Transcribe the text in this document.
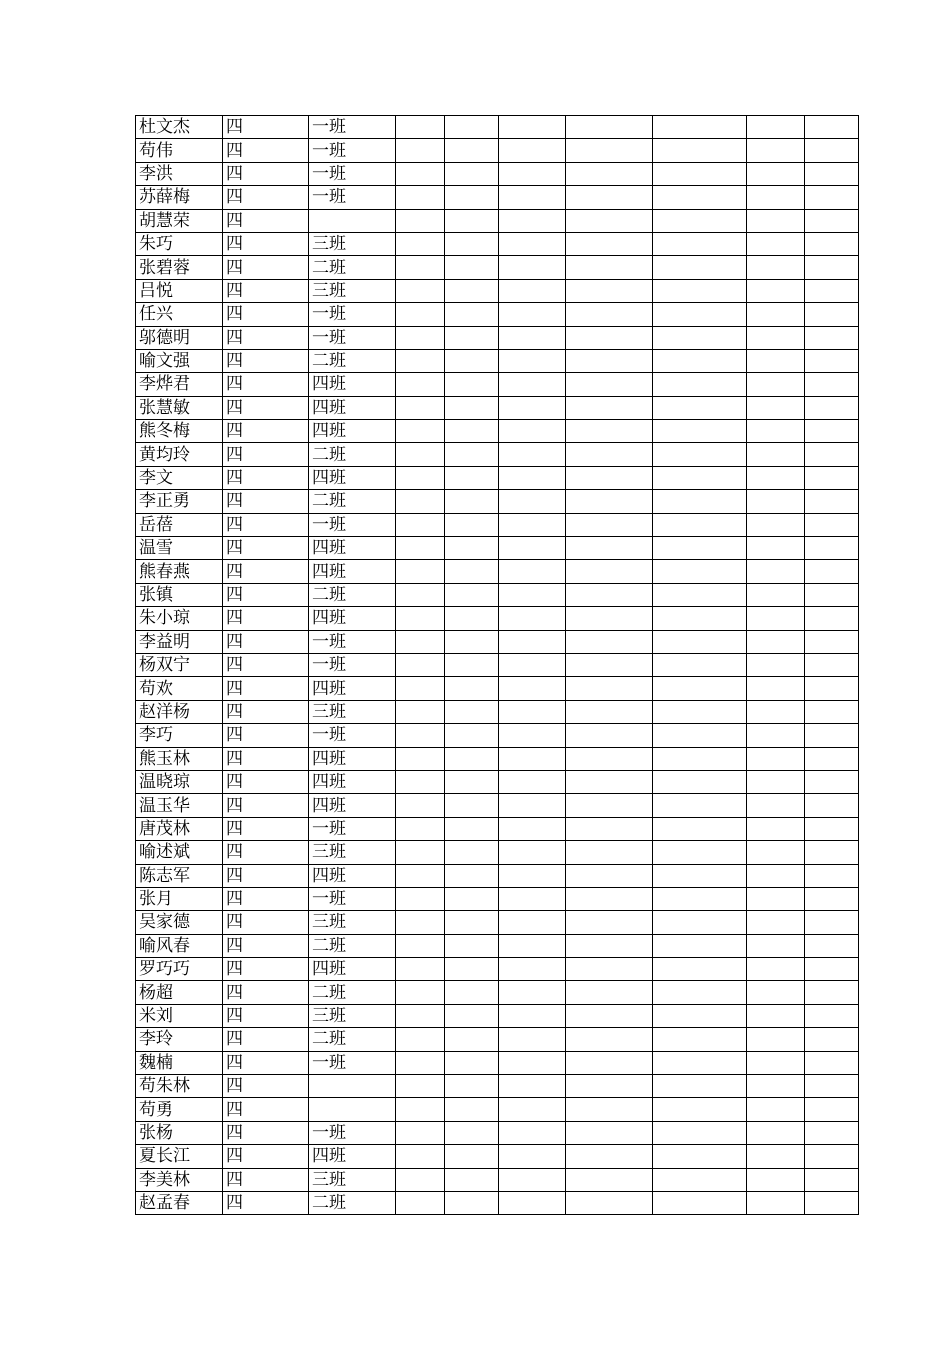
杜文杰	四	一班							
苟伟	四	一班							
李洪	四	一班							
苏薛梅	四	一班							
胡慧荣	四								
朱巧	四	三班							
张碧蓉	四	二班							
吕悦	四	三班							
任兴	四	一班							
邬德明	四	一班							
喻文强	四	二班							
李烨君	四	四班							
张慧敏	四	四班							
熊冬梅	四	四班							
黄均玲	四	二班							
李文	四	四班							
李正勇	四	二班							
岳蓓	四	一班							
温雪	四	四班							
熊春燕	四	四班							
张镇	四	二班							
朱小琼	四	四班							
李益明	四	一班							
杨双宁	四	一班							
苟欢	四	四班							
赵洋杨	四	三班							
李巧	四	一班							
熊玉林	四	四班							
温晓琼	四	四班							
温玉华	四	四班							
唐茂林	四	一班							
喻述斌	四	三班							
陈志军	四	四班							
张月	四	一班							
吴家德	四	三班							
喻风春	四	二班							
罗巧巧	四	四班							
杨超	四	二班							
米刘	四	三班							
李玲	四	二班							
魏楠	四	一班							
苟朱林	四								
苟勇	四								
张杨	四	一班							
夏长江	四	四班							
李美林	四	三班							
赵孟春	四	二班							
